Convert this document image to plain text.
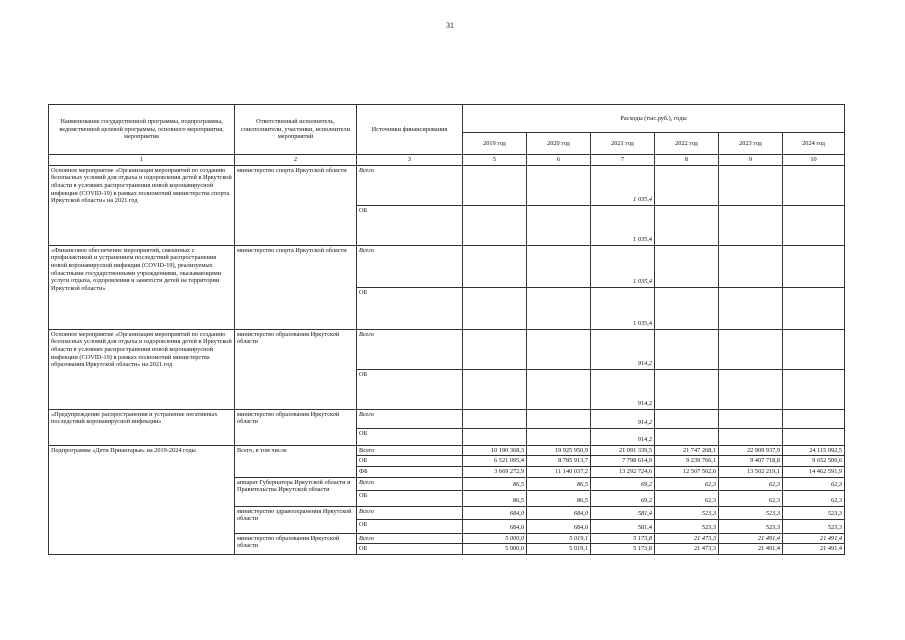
31
Наименование государственной программы, подпрограммы, ведомственной целевой программы, основного мероприятия, мероприятия	Ответственный исполнитель, соисполнители, участники, исполнители мероприятий	Источники финансирования	Расходы (тыс.руб.), годы					
			2019 год	2020 год	2021 год	2022 год	2023 год	2024 год
1	2	3	5	6	7	8	9	10
Основное мероприятие «Организация мероприятий по созданию безопасных условий для отдыха и оздоровления детей в Иркутской области в условиях распространения новой коронавирусной инфекции (COVID-19) в рамках полномочий министерства спорта Иркутской области» на 2021 год	министерство спорта Иркутской области	Всего			1 035,4			
		ОБ			1 035,4			
«Финансовое обеспечение мероприятий, связанных с профилактикой и устранением последствий распространения новой коронавирусной инфекции (COVID-19), реализуемых областными государственными учреждениями, оказывающими услуги отдыха, оздоровления и занятости детей на территории Иркутской области»	министерство спорта Иркутской области	Всего			1 035,4			
		ОБ			1 035,4			
Основное мероприятие «Организация мероприятий по созданию безопасных условий для отдыха и оздоровления детей в Иркутской области в условиях распространения новой коронавирусной инфекции (COVID-19) в рамках полномочий министерства образования Иркутской области» на 2021 год	министерство образования Иркутской области	Всего			914,2			
		ОБ			914,2			
«Предупреждение распространения и устранение негативных последствий коронавирусной инфекции»	министерство образования Иркутской области	Всего			914,2			
		ОБ			914,2			
Подпрограмма «Дети Приангарья» на 2019-2024 годы	Всего, в том числе	Всего	10 190 368,3	19 925 950,9	21 091 339,5	21 747 268,1	22 909 937,9	24 115 092,5
		ОБ	6 521 095,4	8 785 913,7	7 798 614,9	9 239 766,1	9 407 718,8	9 652 500,6
		ФБ	3 669 272,9	11 140 037,2	13 292 724,6	12 507 502,0	13 502 219,1	14 462 591,9
	аппарат Губернатора Иркутской области и Правительства Иркутской области	Всего	86,5	86,5	69,2	62,3	62,3	62,3
		ОБ	86,5	86,5	69,2	62,3	62,3	62,3
	министерство здравоохранения Иркутской области	Всего	684,0	684,0	581,4	523,3	523,3	523,3
		ОБ	684,0	684,0	581,4	523,3	523,3	523,3
	министерство образования Иркутской области	Всего	5 000,0	5 019,1	5 173,8	21 473,3	21 491,4	21 491,4
		ОБ	5 000,0	5 019,1	5 173,8	21 473,3	21 491,4	21 491,4
